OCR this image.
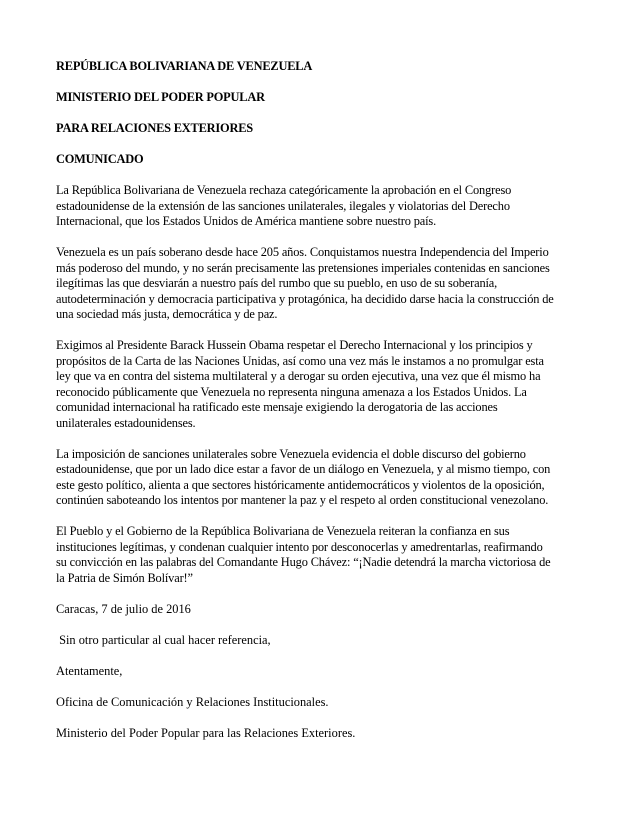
REPÚBLICA BOLIVARIANA DE VENEZUELA
MINISTERIO DEL PODER POPULAR
PARA RELACIONES EXTERIORES
COMUNICADO
La República Bolivariana de Venezuela rechaza categóricamente la aprobación en el Congreso
estadounidense de la extensión de las sanciones unilaterales, ilegales y violatorias del Derecho
Internacional, que los Estados Unidos de América mantiene sobre nuestro país.
Venezuela es un país soberano desde hace 205 años. Conquistamos nuestra Independencia del Imperio
más poderoso del mundo, y no serán precisamente las pretensiones imperiales contenidas en sanciones
ilegítimas las que desviarán a nuestro país del rumbo que su pueblo, en uso de su soberanía,
autodeterminación y democracia participativa y protagónica, ha decidido darse hacia la construcción de
una sociedad más justa, democrática y de paz.
Exigimos al Presidente Barack Hussein Obama respetar el Derecho Internacional y los principios y
propósitos de la Carta de las Naciones Unidas, así como una vez más le instamos a no promulgar esta
ley que va en contra del sistema multilateral y a derogar su orden ejecutiva, una vez que él mismo ha
reconocido públicamente que Venezuela no representa ninguna amenaza a los Estados Unidos. La
comunidad internacional ha ratificado este mensaje exigiendo la derogatoria de las acciones
unilaterales estadounidenses.
La imposición de sanciones unilaterales sobre Venezuela evidencia el doble discurso del gobierno
estadounidense, que por un lado dice estar a favor de un diálogo en Venezuela, y al mismo tiempo, con
este gesto político, alienta a que sectores históricamente antidemocráticos y violentos de la oposición,
continúen saboteando los intentos por mantener la paz y el respeto al orden constitucional venezolano.
El Pueblo y el Gobierno de la República Bolivariana de Venezuela reiteran la confianza en sus
instituciones legítimas, y condenan cualquier intento por desconocerlas y amedrentarlas, reafirmando
su convicción en las palabras del Comandante Hugo Chávez: “¡Nadie detendrá la marcha victoriosa de
la Patria de Simón Bolívar!”
Caracas, 7 de julio de 2016
Sin otro particular al cual hacer referencia,
Atentamente,
Oficina de Comunicación y Relaciones Institucionales.
Ministerio del Poder Popular para las Relaciones Exteriores.
